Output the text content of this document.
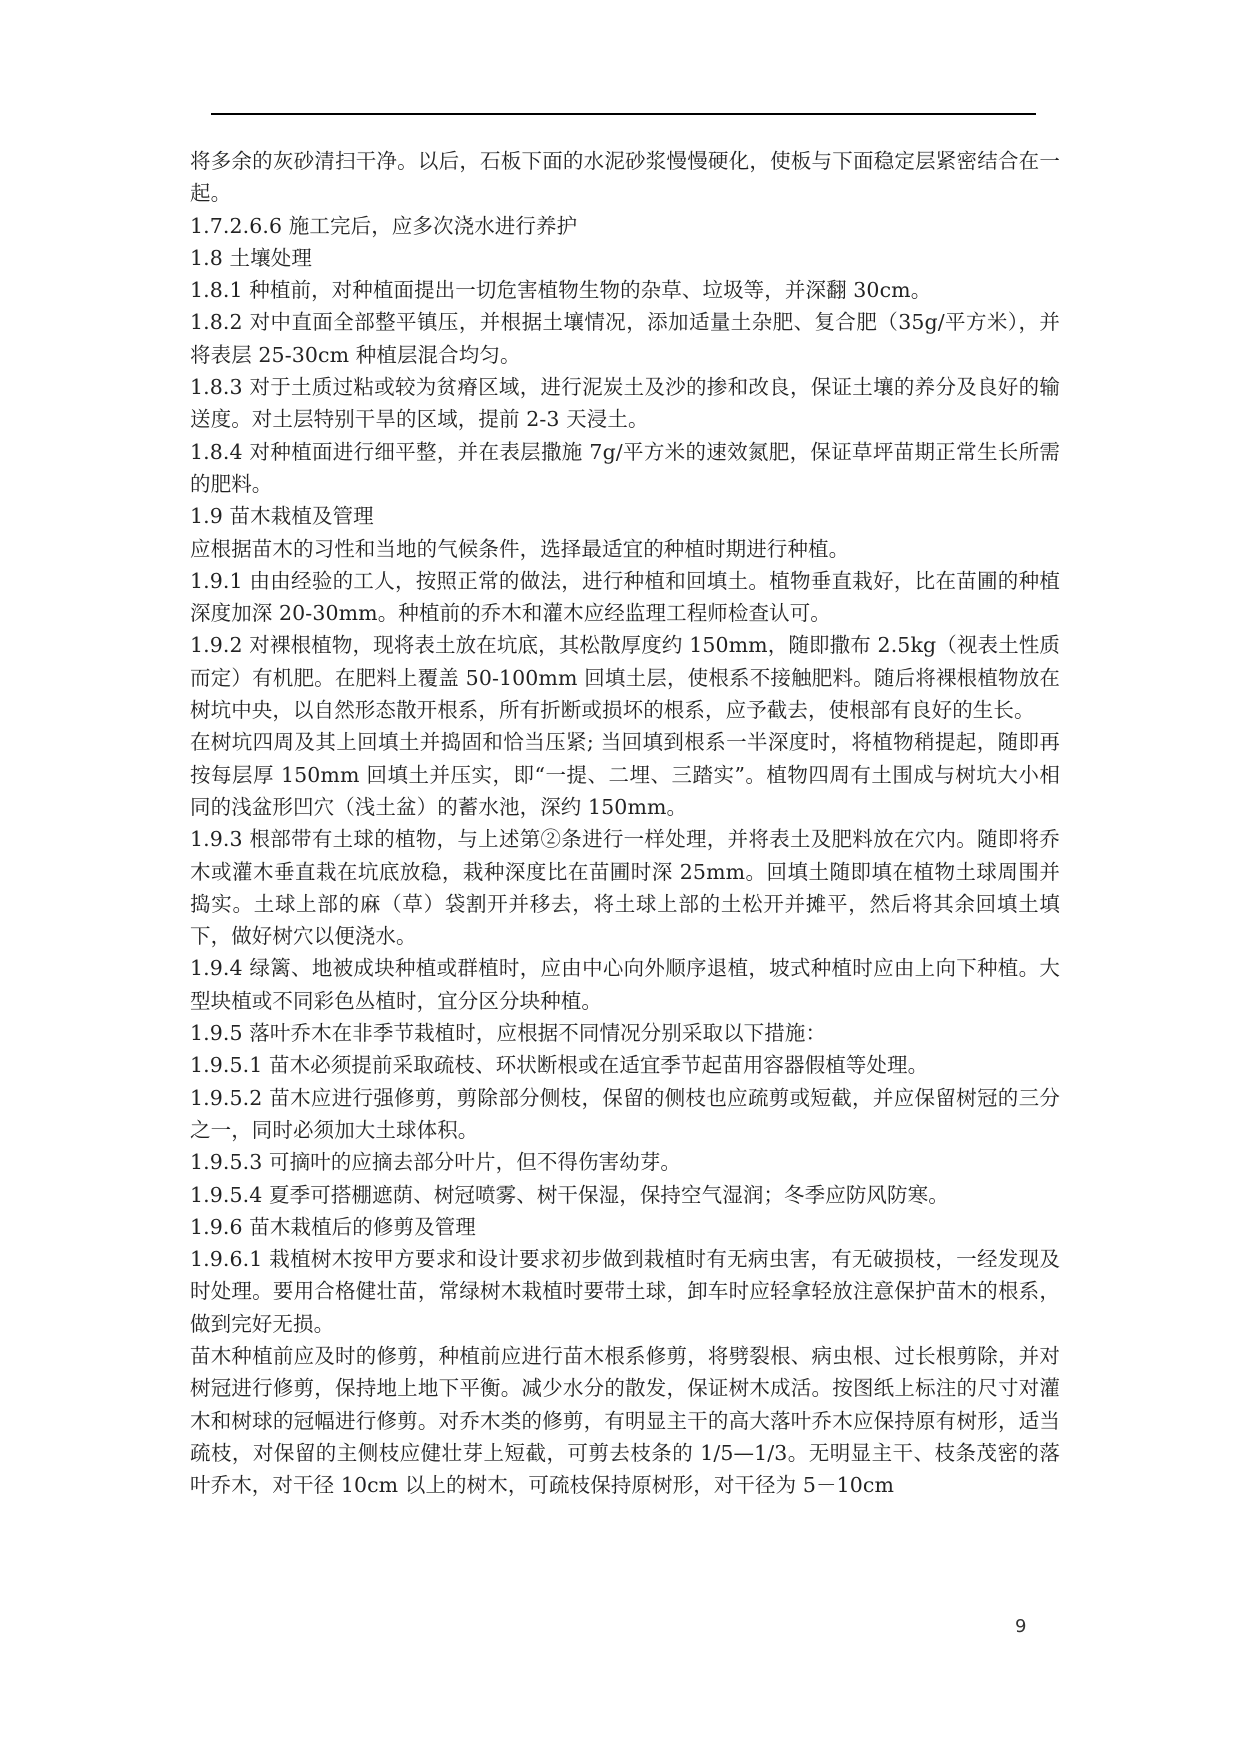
将多余的灰砂清扫干净。以后，石板下面的水泥砂浆慢慢硬化，使板与下面稳定层紧密结合在一起。

1.7.2.6.6 施工完后，应多次浇水进行养护

1.8 土壤处理

1.8.1 种植前，对种植面提出一切危害植物生物的杂草、垃圾等，并深翻 30cm。

1.8.2 对中直面全部整平镇压，并根据土壤情况，添加适量土杂肥、复合肥（35g/平方米），并将表层 25-30cm 种植层混合均匀。

1.8.3 对于土质过粘或较为贫瘠区域，进行泥炭土及沙的掺和改良，保证土壤的养分及良好的输送度。对土层特别干旱的区域，提前 2-3 天浸土。

1.8.4 对种植面进行细平整，并在表层撒施 7g/平方米的速效氮肥，保证草坪苗期正常生长所需的肥料。

1.9 苗木栽植及管理

应根据苗木的习性和当地的气候条件，选择最适宜的种植时期进行种植。

1.9.1 由由经验的工人，按照正常的做法，进行种植和回填土。植物垂直栽好，比在苗圃的种植深度加深 20-30mm。种植前的乔木和灌木应经监理工程师检查认可。

1.9.2 对裸根植物，现将表土放在坑底，其松散厚度约 150mm，随即撒布 2.5kg（视表土性质而定）有机肥。在肥料上覆盖 50-100mm 回填土层，使根系不接触肥料。随后将裸根植物放在树坑中央，以自然形态散开根系，所有折断或损坏的根系，应予截去，使根部有良好的生长。

在树坑四周及其上回填土并捣固和恰当压紧; 当回填到根系一半深度时，将植物稍提起，随即再按每层厚 150mm 回填土并压实，即“一提、二埋、三踏实”。植物四周有土围成与树坑大小相同的浅盆形凹穴（浅土盆）的蓄水池，深约 150mm。

1.9.3 根部带有土球的植物，与上述第②条进行一样处理，并将表土及肥料放在穴内。随即将乔木或灌木垂直栽在坑底放稳，栽种深度比在苗圃时深 25mm。回填土随即填在植物土球周围并捣实。土球上部的麻（草）袋割开并移去，将土球上部的土松开并摊平，然后将其余回填土填下，做好树穴以便浇水。

1.9.4 绿篱、地被成块种植或群植时，应由中心向外顺序退植，坡式种植时应由上向下种植。大型块植或不同彩色丛植时，宜分区分块种植。

1.9.5 落叶乔木在非季节栽植时，应根据不同情况分别采取以下措施：

1.9.5.1 苗木必须提前采取疏枝、环状断根或在适宜季节起苗用容器假植等处理。

1.9.5.2 苗木应进行强修剪，剪除部分侧枝，保留的侧枝也应疏剪或短截，并应保留树冠的三分之一，同时必须加大土球体积。

1.9.5.3 可摘叶的应摘去部分叶片，但不得伤害幼芽。

1.9.5.4 夏季可搭棚遮荫、树冠喷雾、树干保湿，保持空气湿润；冬季应防风防寒。

1.9.6 苗木栽植后的修剪及管理

1.9.6.1 栽植树木按甲方要求和设计要求初步做到栽植时有无病虫害，有无破损枝，一经发现及时处理。要用合格健壮苗，常绿树木栽植时要带土球，卸车时应轻拿轻放注意保护苗木的根系，做到完好无损。

苗木种植前应及时的修剪，种植前应进行苗木根系修剪，将劈裂根、病虫根、过长根剪除，并对树冠进行修剪，保持地上地下平衡。减少水分的散发，保证树木成活。按图纸上标注的尺寸对灌木和树球的冠幅进行修剪。对乔木类的修剪，有明显主干的高大落叶乔木应保持原有树形，适当疏枝，对保留的主侧枝应健壮芽上短截，可剪去枝条的 1/5—1/3。无明显主干、枝条茂密的落叶乔木，对干径 10cm 以上的树木，可疏枝保持原树形，对干径为 5－10cm

9
